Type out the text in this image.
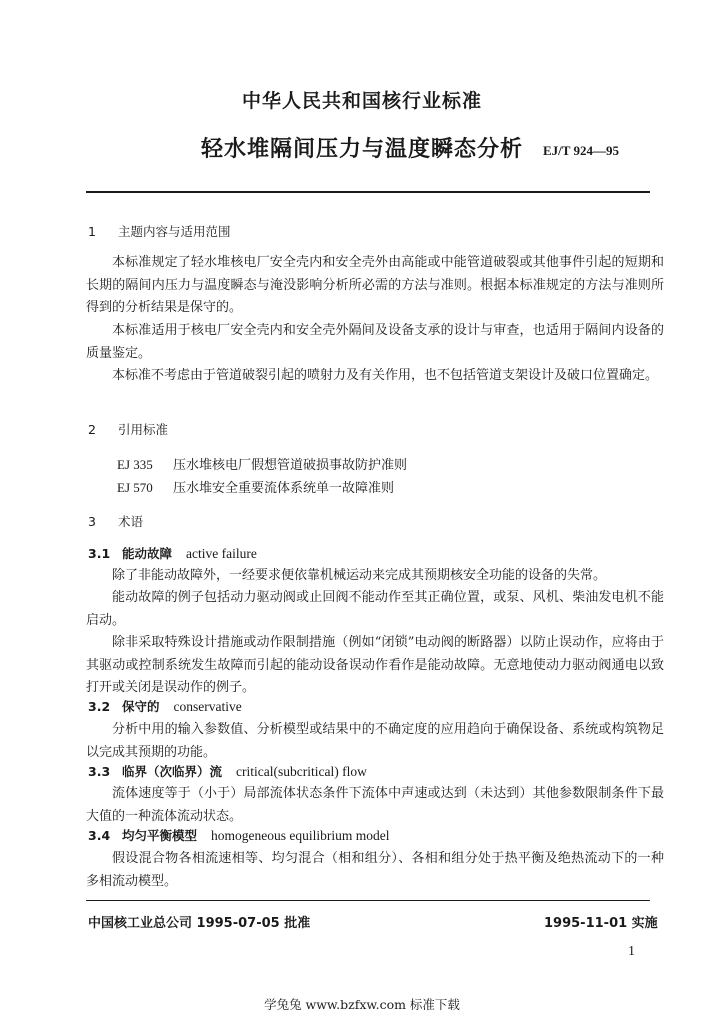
中华人民共和国核行业标准
轻水堆隔间压力与温度瞬态分析	EJ/T 924—95
1 主题内容与适用范围
本标准规定了轻水堆核电厂安全壳内和安全壳外由高能或中能管道破裂或其他事件引起的短期和长期的隔间内压力与温度瞬态与淹没影响分析所必需的方法与准则。根据本标准规定的方法与准则所得到的分析结果是保守的。
本标准适用于核电厂安全壳内和安全壳外隔间及设备支承的设计与审查，也适用于隔间内设备的质量鉴定。
本标准不考虑由于管道破裂引起的喷射力及有关作用，也不包括管道支架设计及破口位置确定。
2 引用标准
EJ 335 压水堆核电厂假想管道破损事故防护准则
EJ 570 压水堆安全重要流体系统单一故障准则
3 术语
3.1 能动故障 active failure
除了非能动故障外，一经要求便依靠机械运动来完成其预期核安全功能的设备的失常。
能动故障的例子包括动力驱动阀或止回阀不能动作至其正确位置，或泵、风机、柴油发电机不能启动。
除非采取特殊设计措施或动作限制措施（例如“闭锁”电动阀的断路器）以防止误动作，应将由于其驱动或控制系统发生故障而引起的能动设备误动作看作是能动故障。无意地使动力驱动阀通电以致打开或关闭是误动作的例子。
3.2 保守的 conservative
分析中用的输入参数值、分析模型或结果中的不确定度的应用趋向于确保设备、系统或构筑物足以完成其预期的功能。
3.3 临界（次临界）流 critical(subcritical) flow
流体速度等于（小于）局部流体状态条件下流体中声速或达到（未达到）其他参数限制条件下最大值的一种流体流动状态。
3.4 均匀平衡模型 homogeneous equilibrium model
假设混合物各相流速相等、均匀混合（相和组分）、各相和组分处于热平衡及绝热流动下的一种多相流动模型。
中国核工业总公司 1995-07-05 批准	1995-11-01 实施
1
学兔兔 www.bzfxw.com 标准下载
